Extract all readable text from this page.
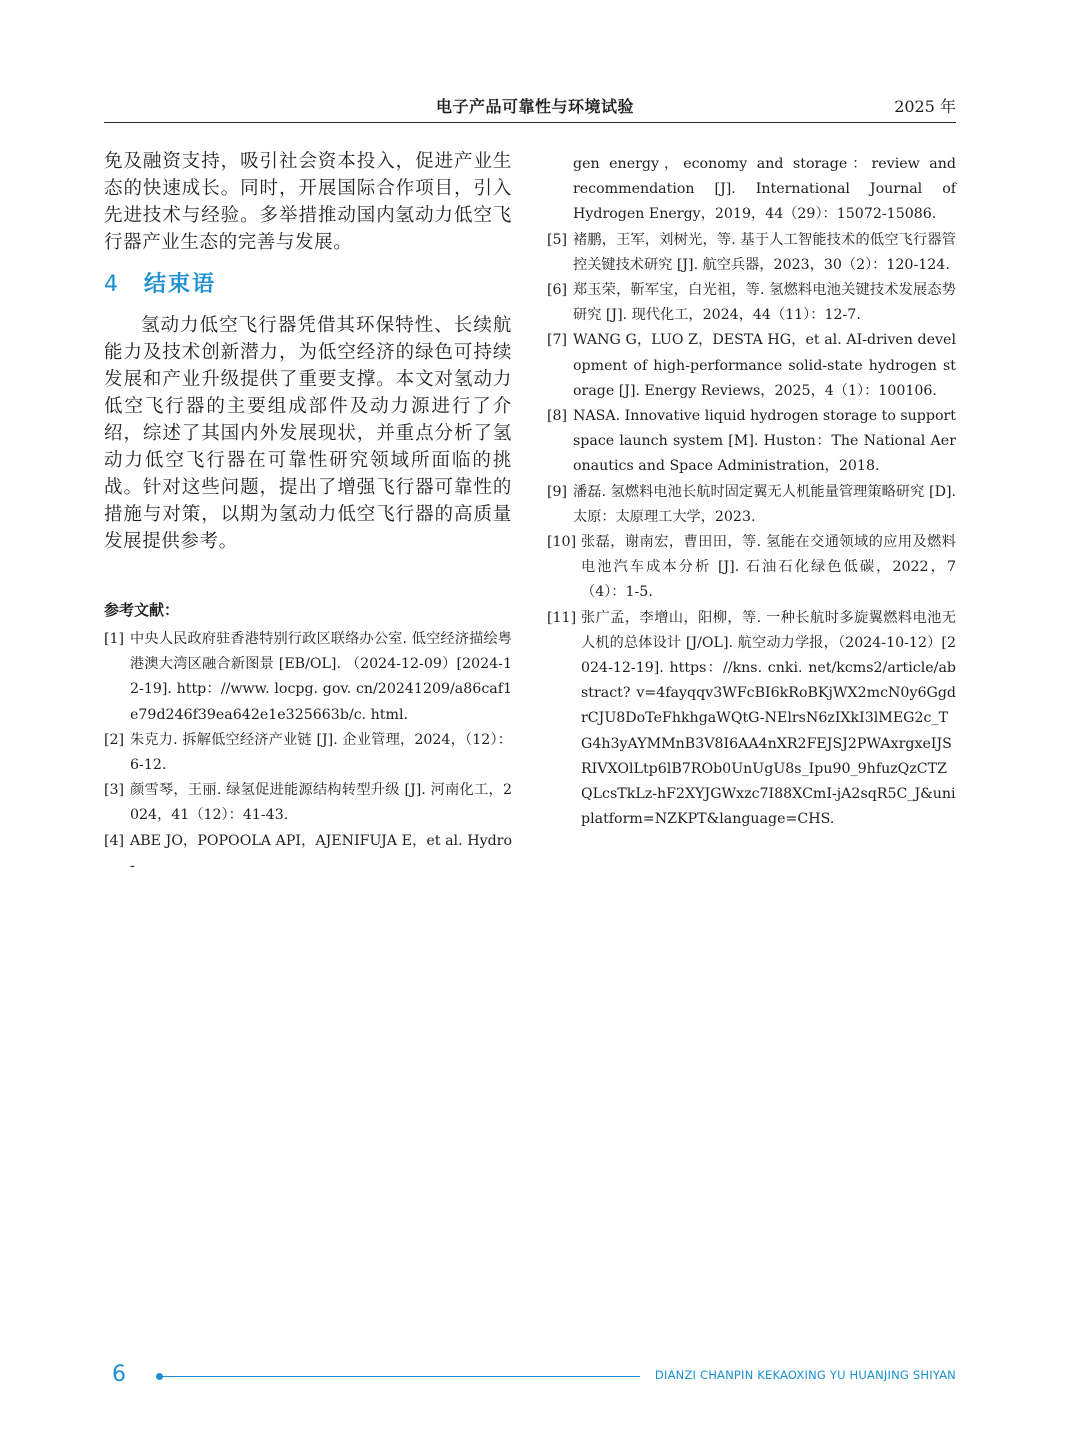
电子产品可靠性与环境试验	2025 年

免及融资支持，吸引社会资本投入，促进产业生态的快速成长。同时，开展国际合作项目，引入先进技术与经验。多举措推动国内氢动力低空飞行器产业生态的完善与发展。

4 结束语

氢动力低空飞行器凭借其环保特性、长续航能力及技术创新潜力，为低空经济的绿色可持续发展和产业升级提供了重要支撑。本文对氢动力低空飞行器的主要组成部件及动力源进行了介绍，综述了其国内外发展现状，并重点分析了氢动力低空飞行器在可靠性研究领域所面临的挑战。针对这些问题，提出了增强飞行器可靠性的措施与对策，以期为氢动力低空飞行器的高质量发展提供参考。

参考文献：
[1] 中央人民政府驻香港特别行政区联络办公室. 低空经济描绘粤港澳大湾区融合新图景 [EB/OL]. （2024-12-09）[2024-12-19]. http：//www. locpg. gov. cn/20241209/a86caf1e79d246f39ea642e1e325663b/c. html.
[2] 朱克力. 拆解低空经济产业链 [J]. 企业管理，2024，（12）：6-12.
[3] 颜雪琴，王丽. 绿氢促进能源结构转型升级 [J]. 河南化工，2024，41（12）：41-43.
[4] ABE JO，POPOOLA API，AJENIFUJA E，et al. Hydro-
gen energy，economy and storage：review and recommendation [J]. International Journal of Hydrogen Energy，2019，44（29）：15072-15086.
[5] 褚鹏，王军，刘树光，等. 基于人工智能技术的低空飞行器管控关键技术研究 [J]. 航空兵器，2023，30（2）：120-124.
[6] 郑玉荣，靳军宝，白光祖，等. 氢燃料电池关键技术发展态势研究 [J]. 现代化工，2024，44（11）：12-7.
[7] WANG G，LUO Z，DESTA HG，et al. AI-driven development of high-performance solid-state hydrogen storage [J]. Energy Reviews，2025，4（1）：100106.
[8] NASA. Innovative liquid hydrogen storage to support space launch system [M]. Huston：The National Aeronautics and Space Administration，2018.
[9] 潘磊. 氢燃料电池长航时固定翼无人机能量管理策略研究 [D]. 太原：太原理工大学，2023.
[10] 张磊，谢南宏，曹田田，等. 氢能在交通领域的应用及燃料电池汽车成本分析 [J]. 石油石化绿色低碳，2022，7（4）：1-5.
[11] 张广孟，李增山，阳柳，等. 一种长航时多旋翼燃料电池无人机的总体设计 [J/OL]. 航空动力学报，（2024-10-12）[2024-12-19]. https：//kns. cnki. net/kcms2/article/abstract? v=4fayqqv3WFcBI6kRoBKjWX2mcN0y6GgdrCJU8DoTeFhkhgaWQtG-NElrsN6zIXkI3lMEG2c_TG4h3yAYMMnB3V8I6AA4nXR2FEJSJ2PWAxrgxeIJSRIVXOlLtp6lB7ROb0UnUgU8s_Ipu90_9hfuzQzCTZQLcsTkLz-hF2XYJGWxzc7I88XCmI-jA2sqR5C_J&uniplatform=NZKPT&language=CHS.
6	DIANZI CHANPIN KEKAOXING YU HUANJING SHIYAN
